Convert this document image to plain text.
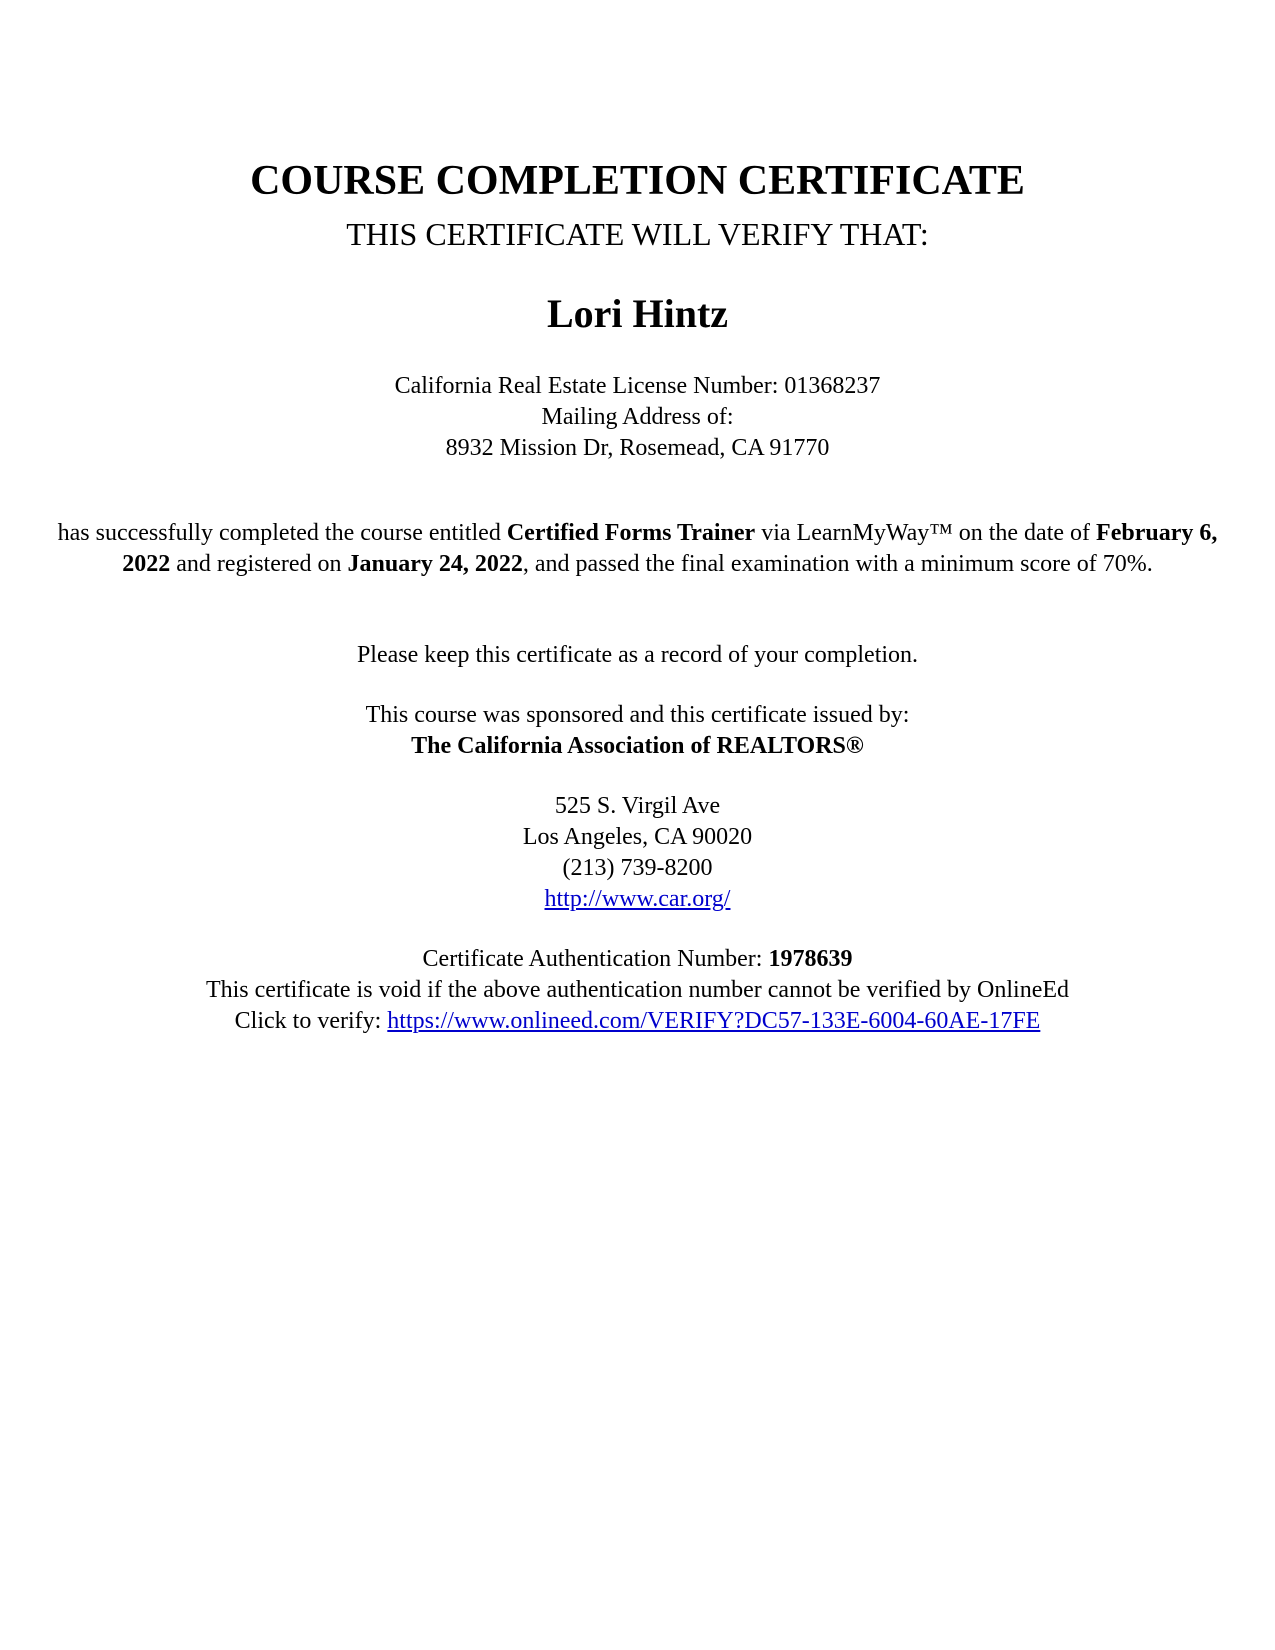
COURSE COMPLETION CERTIFICATE
THIS CERTIFICATE WILL VERIFY THAT:
Lori Hintz
California Real Estate License Number: 01368237
Mailing Address of:
8932 Mission Dr, Rosemead, CA 91770
has successfully completed the course entitled Certified Forms Trainer via LearnMyWay™ on the date of February 6, 2022 and registered on January 24, 2022, and passed the final examination with a minimum score of 70%.
Please keep this certificate as a record of your completion.
This course was sponsored and this certificate issued by:
The California Association of REALTORS®
525 S. Virgil Ave
Los Angeles, CA 90020
(213) 739-8200
http://www.car.org/
Certificate Authentication Number: 1978639
This certificate is void if the above authentication number cannot be verified by OnlineEd
Click to verify: https://www.onlineed.com/VERIFY?DC57-133E-6004-60AE-17FE
